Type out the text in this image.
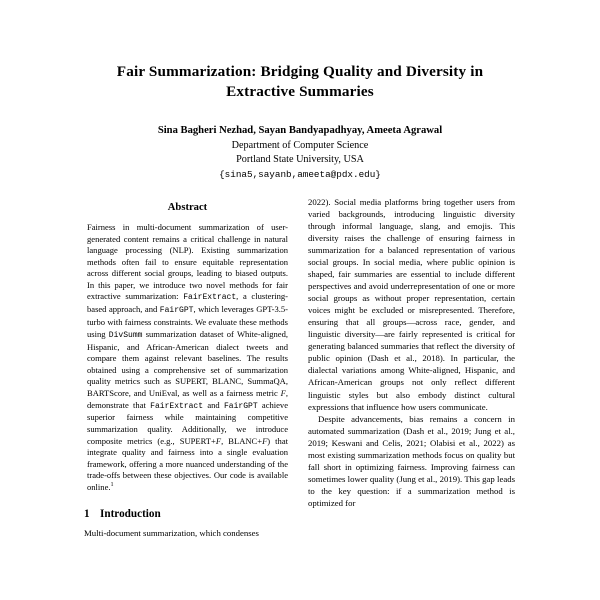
Fair Summarization: Bridging Quality and Diversity in Extractive Summaries
Sina Bagheri Nezhad, Sayan Bandyapadhyay, Ameeta Agrawal
Department of Computer Science
Portland State University, USA
{sina5,sayanb,ameeta@pdx.edu}
Abstract
Fairness in multi-document summarization of user-generated content remains a critical challenge in natural language processing (NLP). Existing summarization methods often fail to ensure equitable representation across different social groups, leading to biased outputs. In this paper, we introduce two novel methods for fair extractive summarization: FairExtract, a clustering-based approach, and FairGPT, which leverages GPT-3.5-turbo with fairness constraints. We evaluate these methods using DivSumm summarization dataset of White-aligned, Hispanic, and African-American dialect tweets and compare them against relevant baselines. The results obtained using a comprehensive set of summarization quality metrics such as SUPERT, BLANC, SummaQA, BARTScore, and UniEval, as well as a fairness metric F, demonstrate that FairExtract and FairGPT achieve superior fairness while maintaining competitive summarization quality. Additionally, we introduce composite metrics (e.g., SUPERT+F, BLANC+F) that integrate quality and fairness into a single evaluation framework, offering a more nuanced understanding of the trade-offs between these objectives. Our code is available online.$^1$
1 Introduction

Multi-document summarization, which condenses

2022). Social media platforms bring together users from varied backgrounds, introducing linguistic diversity through informal language, slang, and emojis. This diversity raises the challenge of ensuring fairness in summarization for a balanced representation of various social groups. In social media, where public opinion is shaped, fair summaries are essential to include different perspectives and avoid underrepresentation of one or more social groups as without proper representation, certain voices might be excluded or misrepresented. Therefore, ensuring that all groups—across race, gender, and linguistic diversity—are fairly represented is critical for generating balanced summaries that reflect the diversity of public opinion (Dash et al., 2018). In particular, the dialectal variations among White-aligned, Hispanic, and African-American groups not only reflect different linguistic styles but also embody distinct cultural expressions that influence how users communicate.

Despite advancements, bias remains a concern in automated summarization (Dash et al., 2019; Jung et al., 2019; Keswani and Celis, 2021; Olabisi et al., 2022) as most existing summarization methods focus on quality but fall short in optimizing fairness. Improving fairness can sometimes lower quality (Jung et al., 2019). This gap leads to the key question: if a summarization method is optimized for
